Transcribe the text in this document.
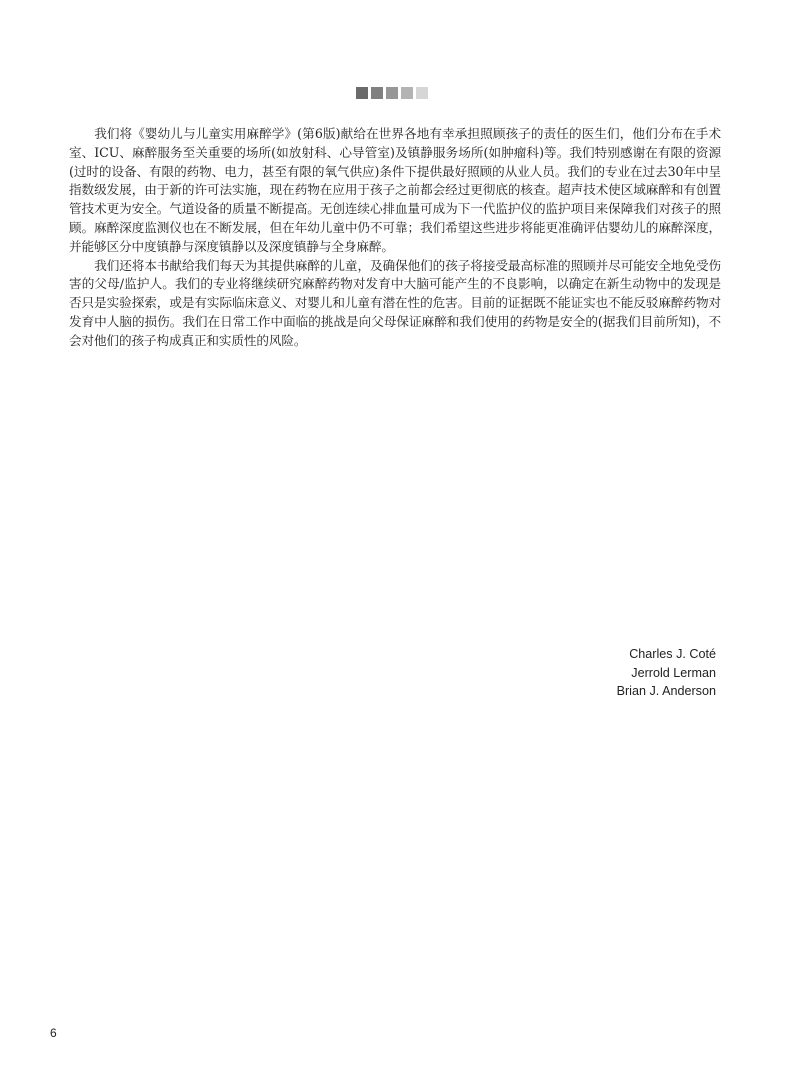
我们将《婴幼儿与儿童实用麻醉学》(第6版)献给在世界各地有幸承担照顾孩子的责任的医生们，他们分布在手术室、ICU、麻醉服务至关重要的场所(如放射科、心导管室)及镇静服务场所(如肿瘤科)等。我们特别感谢在有限的资源(过时的设备、有限的药物、电力，甚至有限的氧气供应)条件下提供最好照顾的从业人员。我们的专业在过去30年中呈指数级发展，由于新的许可法实施，现在药物在应用于孩子之前都会经过更彻底的核查。超声技术使区域麻醉和有创置管技术更为安全。气道设备的质量不断提高。无创连续心排血量可成为下一代监护仪的监护项目来保障我们对孩子的照顾。麻醉深度监测仪也在不断发展，但在年幼儿童中仍不可靠；我们希望这些进步将能更准确评估婴幼儿的麻醉深度，并能够区分中度镇静与深度镇静以及深度镇静与全身麻醉。

我们还将本书献给我们每天为其提供麻醉的儿童，及确保他们的孩子将接受最高标准的照顾并尽可能安全地免受伤害的父母/监护人。我们的专业将继续研究麻醉药物对发育中大脑可能产生的不良影响，以确定在新生动物中的发现是否只是实验探索，或是有实际临床意义、对婴儿和儿童有潜在性的危害。目前的证据既不能证实也不能反驳麻醉药物对发育中人脑的损伤。我们在日常工作中面临的挑战是向父母保证麻醉和我们使用的药物是安全的(据我们目前所知)，不会对他们的孩子构成真正和实质性的风险。

Charles J. Coté
Jerrold Lerman
Brian J. Anderson
6
